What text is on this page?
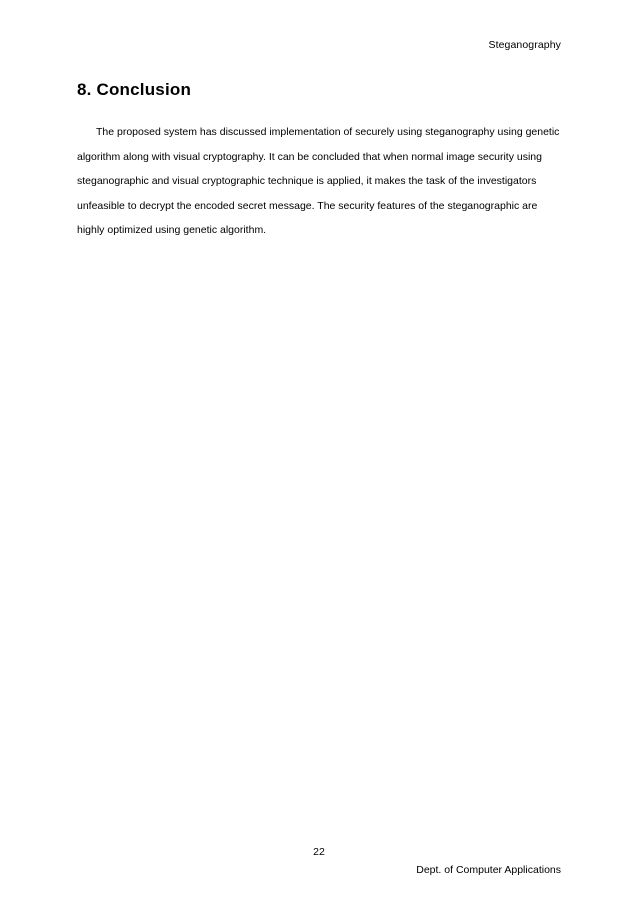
Steganography
8. Conclusion

The proposed system has discussed implementation of securely using steganography using genetic algorithm along with visual cryptography. It can be concluded that when normal image security using steganographic and visual cryptographic technique is applied, it makes the task of the investigators unfeasible to decrypt the encoded secret message. The security features of the steganographic are highly optimized using genetic algorithm.

22
Dept. of Computer Applications
